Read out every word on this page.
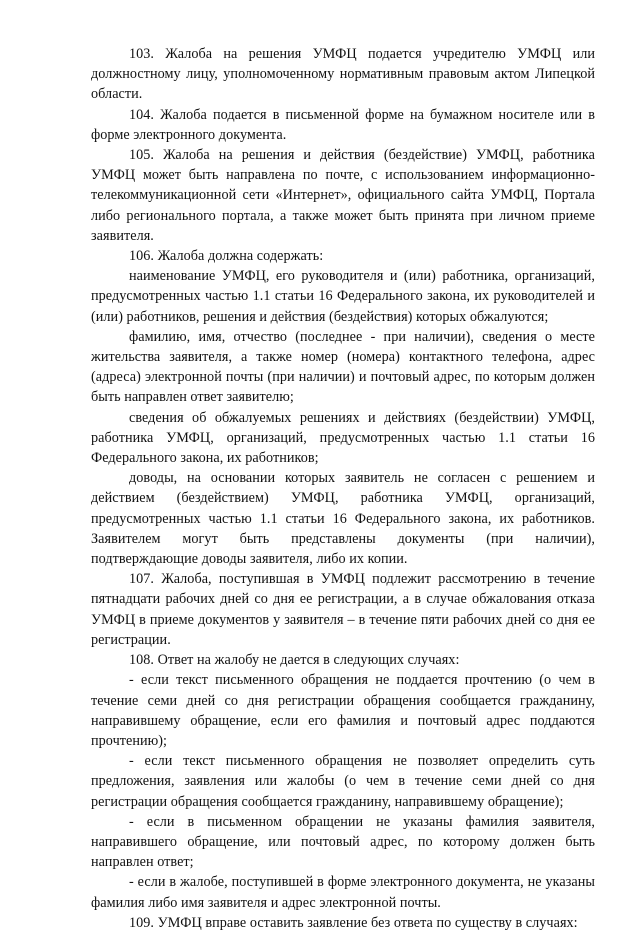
103. Жалоба на решения УМФЦ подается учредителю УМФЦ или должностному лицу, уполномоченному нормативным правовым актом Липецкой области.

104. Жалоба подается в письменной форме на бумажном носителе или в форме электронного документа.

105. Жалоба на решения и действия (бездействие) УМФЦ, работника УМФЦ может быть направлена по почте, с использованием информационно-телекоммуникационной сети «Интернет», официального сайта УМФЦ, Портала либо регионального портала, а также может быть принята при личном приеме заявителя.

106. Жалоба должна содержать:

наименование УМФЦ, его руководителя и (или) работника, организаций, предусмотренных частью 1.1 статьи 16 Федерального закона, их руководителей и (или) работников, решения и действия (бездействия) которых обжалуются;

фамилию, имя, отчество (последнее - при наличии), сведения о месте жительства заявителя, а также номер (номера) контактного телефона, адрес (адреса) электронной почты (при наличии) и почтовый адрес, по которым должен быть направлен ответ заявителю;

сведения об обжалуемых решениях и действиях (бездействии) УМФЦ, работника УМФЦ, организаций, предусмотренных частью 1.1 статьи 16 Федерального закона, их работников;

доводы, на основании которых заявитель не согласен с решением и действием (бездействием) УМФЦ, работника УМФЦ, организаций, предусмотренных частью 1.1 статьи 16 Федерального закона, их работников. Заявителем могут быть представлены документы (при наличии), подтверждающие доводы заявителя, либо их копии.

107. Жалоба, поступившая в УМФЦ подлежит рассмотрению в течение пятнадцати рабочих дней со дня ее регистрации, а в случае обжалования отказа УМФЦ в приеме документов у заявителя – в течение пяти рабочих дней со дня ее регистрации.

108. Ответ на жалобу не дается в следующих случаях:

- если текст письменного обращения не поддается прочтению (о чем в течение семи дней со дня регистрации обращения сообщается гражданину, направившему обращение, если его фамилия и почтовый адрес поддаются прочтению);

- если текст письменного обращения не позволяет определить суть предложения, заявления или жалобы (о чем в течение семи дней со дня регистрации обращения сообщается гражданину, направившему обращение);

- если в письменном обращении не указаны фамилия заявителя, направившего обращение, или почтовый адрес, по которому должен быть направлен ответ;

- если в жалобе, поступившей в форме электронного документа, не указаны фамилия либо имя заявителя и адрес электронной почты.

109. УМФЦ вправе оставить заявление без ответа по существу в случаях:
